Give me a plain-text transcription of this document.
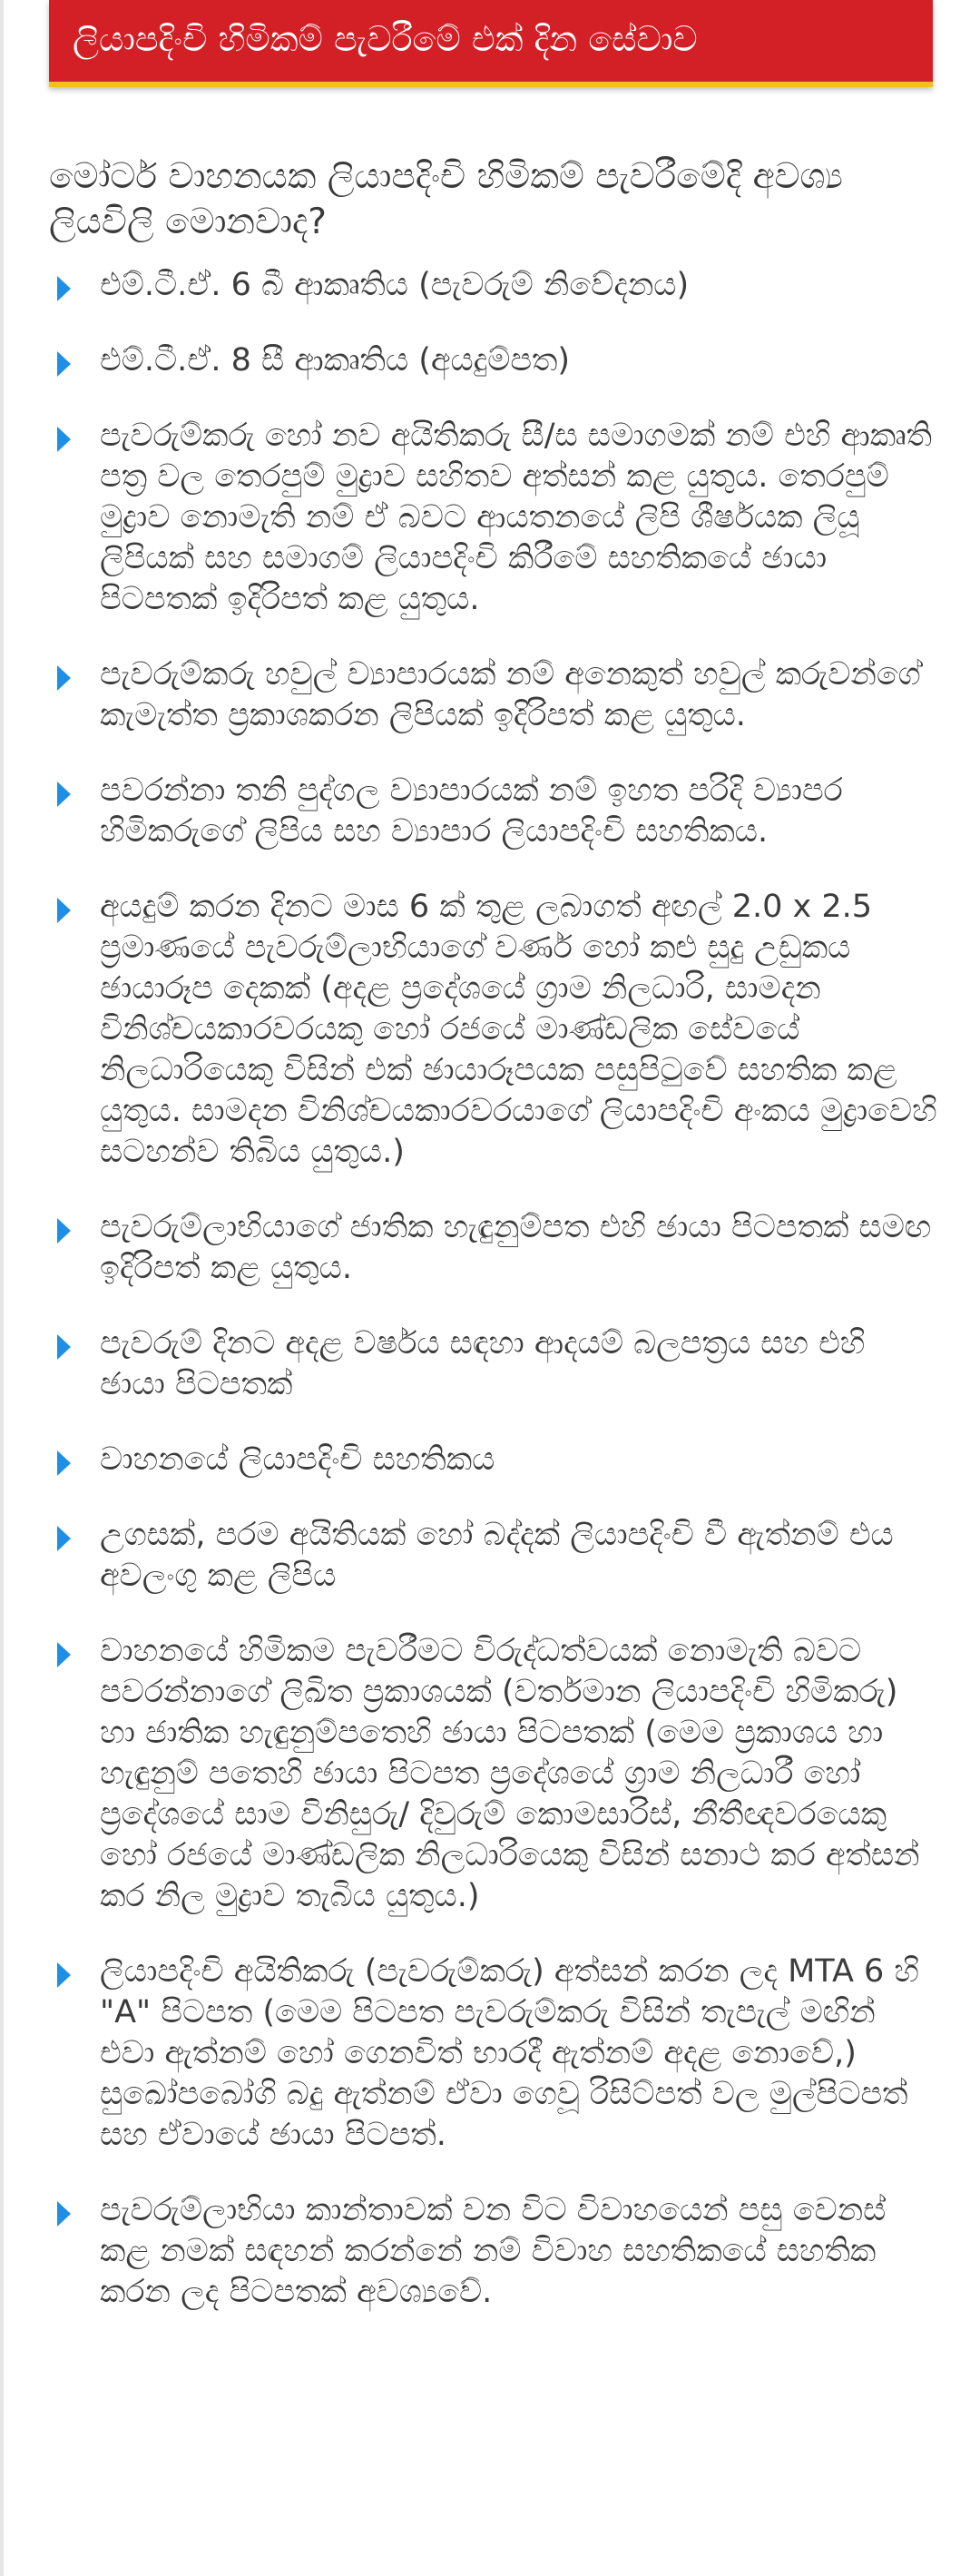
ලියාපදිංචි හිමිකම් පැවරීමේ එක් දින සේවාව
මෝටර් වාහනයක ලියාපදිංචි හිමිකම් පැවරීමේදි අවශ්‍ය ලියවිලි මොනවාද?
එම්.ටී.ඒ. 6 බී ආකෘතිය (පැවරුම් නිවේදනය)
එම්.ටී.ඒ. 8 සී ආකෘතිය (අයදුම්පත)
පැවරුම්කරු හෝ නව අයිතිකරු සී/ස සමාගමක් නම් එහි ආකෘති පත්‍ර වල තෙරපුම් මුද්‍රාව සහිතව අත්සන් කළ යුතුය. තෙරපුම් මුද්‍රාව නොමැති නම් ඒ බවට ආයතනයේ ලිපි ශීර්ෂයක ලියූ ලිපියක් සහ සමාගම් ලියාපදිංචි කිරීමේ සහතිකයේ ඡායා පිටපතක් ඉදිරිපත් කළ යුතුය.
පැවරුම්කරු හවුල් ව්‍යාපාරයක් නම් අනෙකුත් හවුල් කරුවන්ගේ කැමැත්ත ප්‍රකාශකරන ලිපියක් ඉදිරිපත් කළ යුතුය.
පවරන්නා තනි පුද්ගල ව්‍යාපාරයක් නම් ඉහත පරිදි ව්‍යාපර හිමිකරුගේ ලිපිය සහ ව්‍යාපාර ලියාපදිංචි සහතිකය.
අයදුම් කරන දිනට මාස 6 ක් තුළ ලබාගත් අඟල් 2.0 x 2.5 ප්‍රමාණයේ පැවරුම්ලාභියාගේ වර්ණ හෝ කළු සුදු උඩුකය ඡායාරූප දෙකක් (අදළ ප්‍රදේශයේ ග්‍රාම නිලධාරි, සාමදන විනිශ්චයකාරවරයකු හෝ රජයේ මාණ්ඩලික සේවයේ නිලධාරියෙකු විසින් එක් ඡායාරූපයක පසුපිටුවේ සහතික කළ යුතුය. සාමදන විනිශ්චයකාරවරයාගේ ලියාපදිංචි අංකය මුද්‍රාවෙහි සටහන්ව තිබිය යුතුය.)
පැවරුම්ලාභියාගේ ජාතික හැඳුනුම්පත එහි ඡායා පිටපතක් සමඟ ඉදිරිපත් කළ යුතුය.
පැවරුම් දිනට අදළ වර්ෂය සඳහා ආදයම් බලපත්‍රය සහ එහි ඡායා පිටපතක්
වාහනයේ ලියාපදිංචි සහතිකය
උගසක්, පරම අයිතියක් හෝ බද්දක් ලියාපදිංචි වී ඇත්නම් එය අවලංගු කළ ලිපිය
වාහනයේ හිමිකම පැවරීමට විරුද්ධත්වයක් නොමැති බවට පවරන්නාගේ ලිඛිත ප්‍රකාශයක් (වර්තමාන ලියාපදිංචි හිමිකරු) හා ජාතික හැඳුනුම්පතෙහි ඡායා පිටපතක් (මෙම ප්‍රකාශය හා හැඳුනුම් පතෙහි ඡායා පිටපත ප්‍රදේශයේ ග්‍රාම නිලධාරී හෝ ප්‍රදේශයේ සාම විනිසුරු/ දිවුරුම් කොමසාරිස්, නීතීඥවරයෙකු හෝ රජයේ මාණ්ඩලික නිලධාරියෙකු විසින් සනාථ කර අත්සන් කර නිල මුද්‍රාව තැබිය යුතුය.)
ලියාපදිංචි අයිතිකරු (පැවරුම්කරු) අත්සන් කරන ලද MTA 6 හි "A" පිටපත (මෙම පිටපත පැවරුම්කරු විසින් තැපැල් මඟින් එවා ඇත්නම් හෝ ගෙනවිත් භාරදී ඇත්නම් අදළ නොවේ,) සුඛෝපබෝගි බදු ඇත්නම් ඒවා ගෙවූ රිසිට්පත් වල මුල්පිටපත් සහ ඒවායේ ඡායා පිටපත්.
පැවරුම්ලාභියා කාන්තාවක් වන විට විවාහයෙන් පසු වෙනස් කළ නමක් සඳහන් කරන්නේ නම් විවාහ සහතිකයේ සහතික කරන ලද පිටපතක් අවශ්‍යවේ.
